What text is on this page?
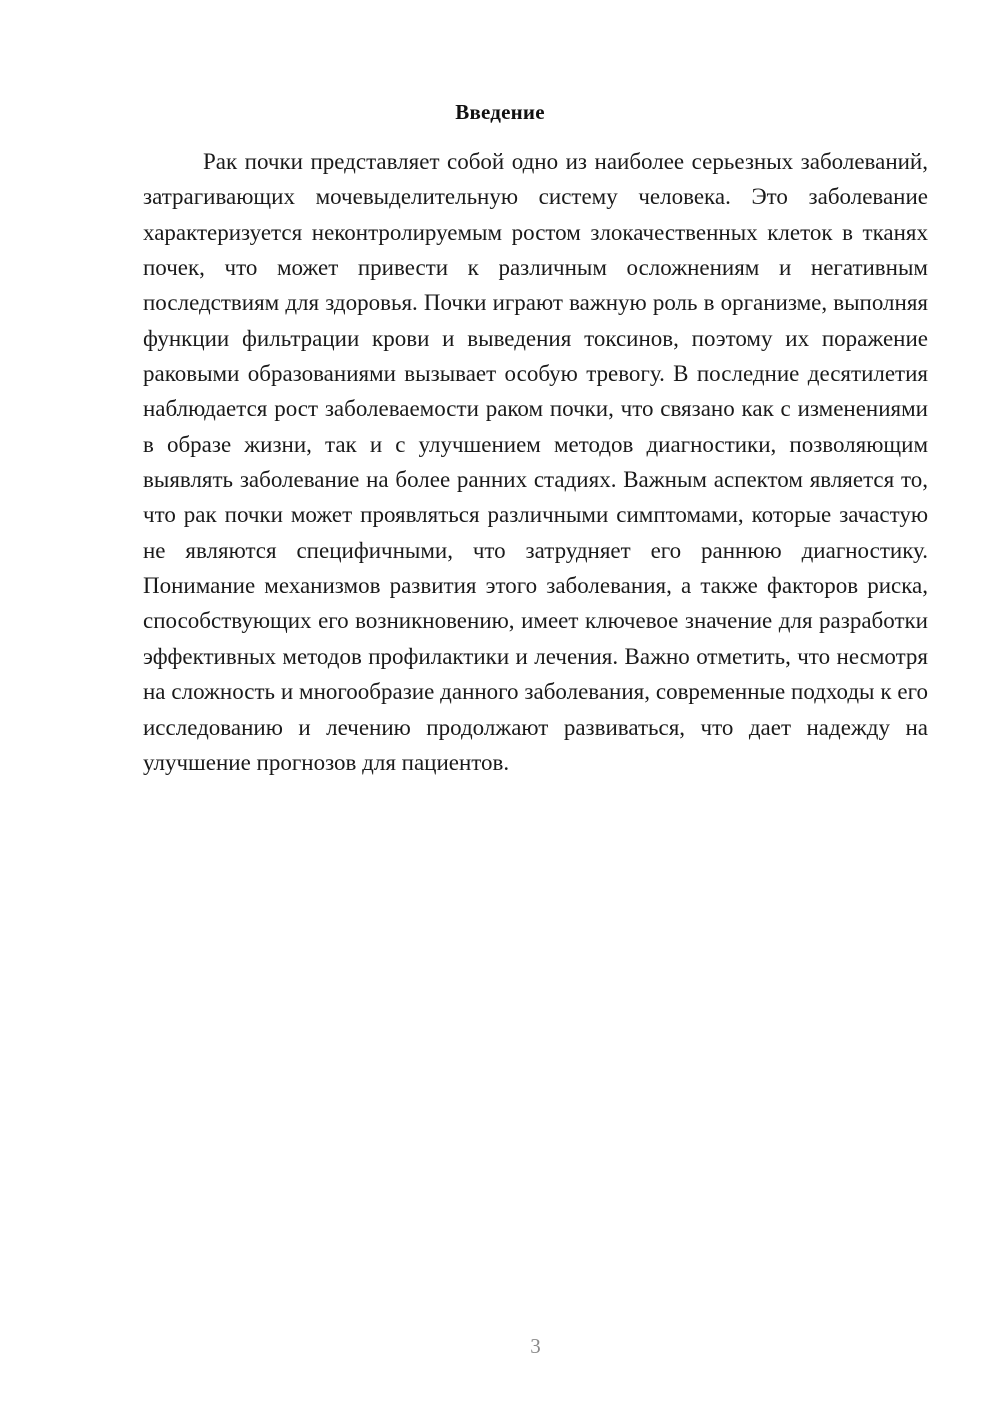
Введение

Рак почки представляет собой одно из наиболее серьезных заболеваний, затрагивающих мочевыделительную систему человека. Это заболевание характеризуется неконтролируемым ростом злокачественных клеток в тканях почек, что может привести к различным осложнениям и негативным последствиям для здоровья. Почки играют важную роль в организме, выполняя функции фильтрации крови и выведения токсинов, поэтому их поражение раковыми образованиями вызывает особую тревогу. В последние десятилетия наблюдается рост заболеваемости раком почки, что связано как с изменениями в образе жизни, так и с улучшением методов диагностики, позволяющим выявлять заболевание на более ранних стадиях. Важным аспектом является то, что рак почки может проявляться различными симптомами, которые зачастую не являются специфичными, что затрудняет его раннюю диагностику. Понимание механизмов развития этого заболевания, а также факторов риска, способствующих его возникновению, имеет ключевое значение для разработки эффективных методов профилактики и лечения. Важно отметить, что несмотря на сложность и многообразие данного заболевания, современные подходы к его исследованию и лечению продолжают развиваться, что дает надежду на улучшение прогнозов для пациентов.

3
